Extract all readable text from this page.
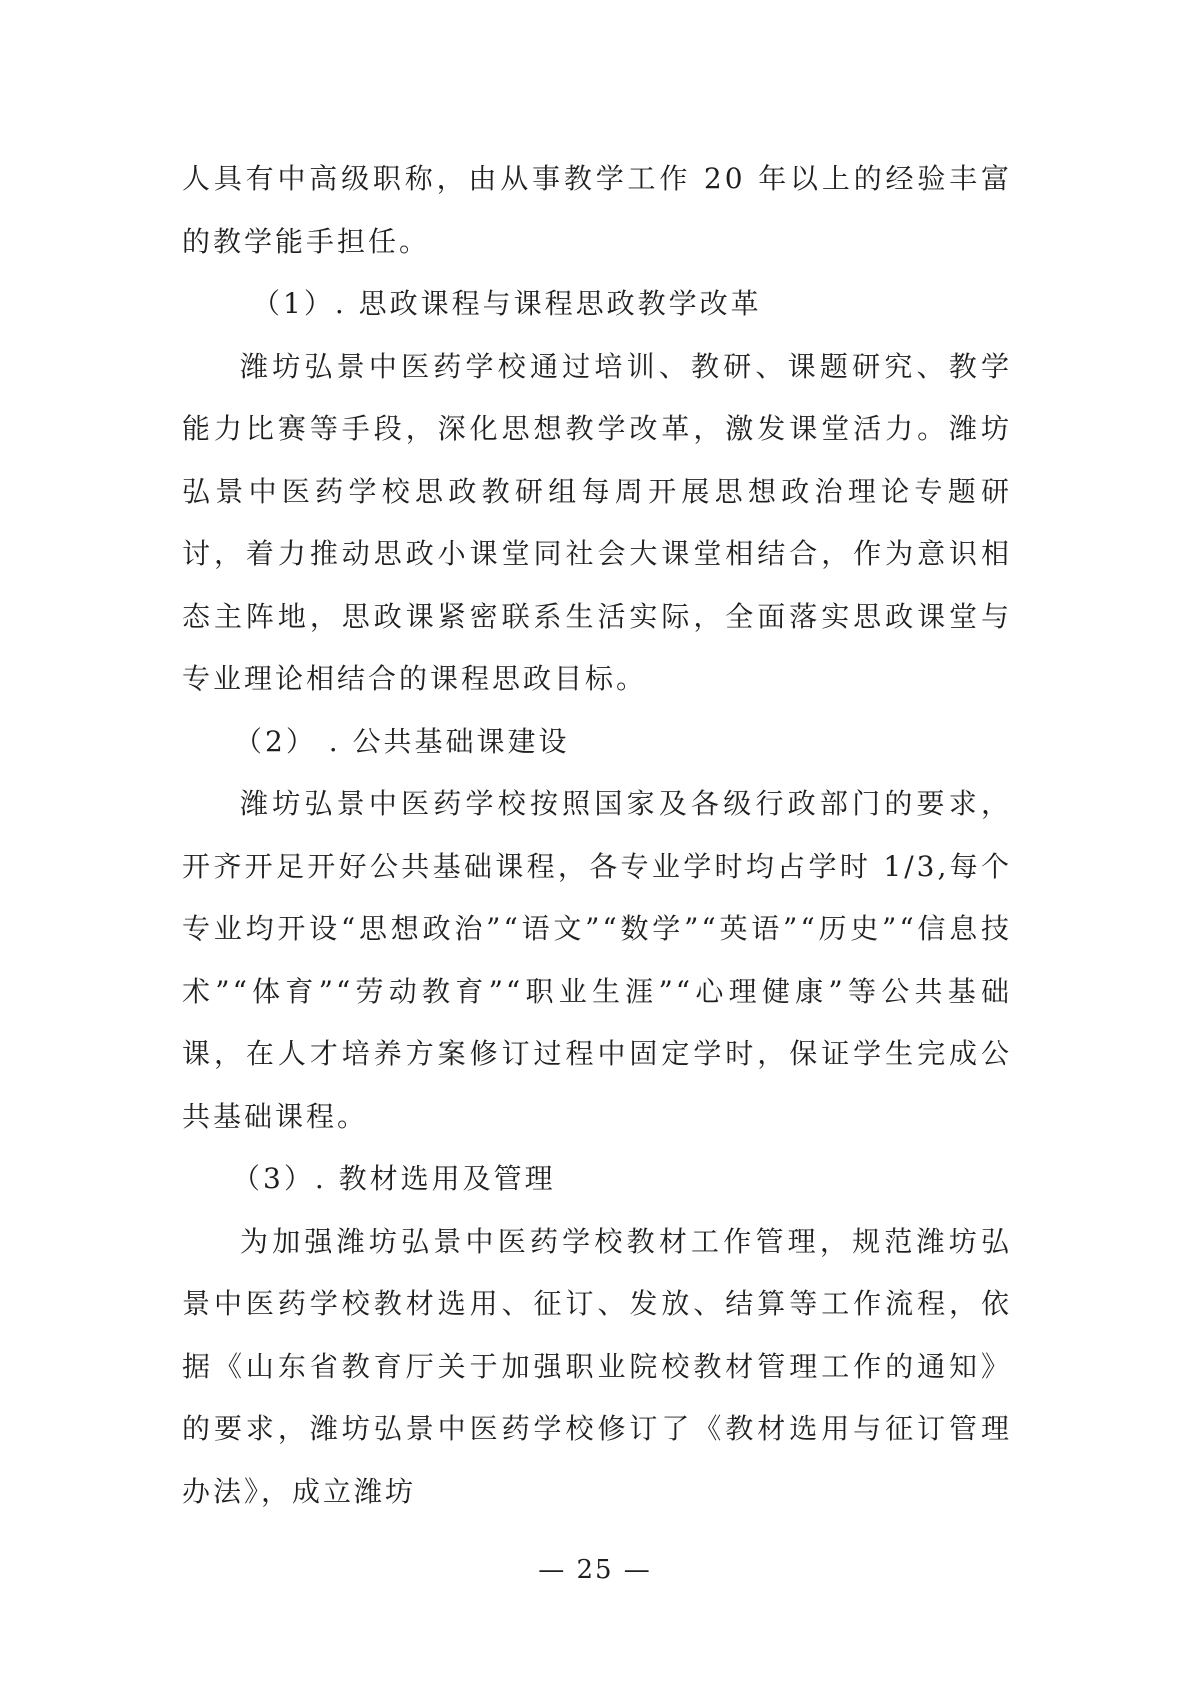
人具有中高级职称，由从事教学工作 20 年以上的经验丰富的教学能手担任。

（1）. 思政课程与课程思政教学改革

潍坊弘景中医药学校通过培训、教研、课题研究、教学能力比赛等手段，深化思想教学改革，激发课堂活力。潍坊弘景中医药学校思政教研组每周开展思想政治理论专题研讨，着力推动思政小课堂同社会大课堂相结合，作为意识相态主阵地，思政课紧密联系生活实际，全面落实思政课堂与专业理论相结合的课程思政目标。

（2） . 公共基础课建设

潍坊弘景中医药学校按照国家及各级行政部门的要求，开齐开足开好公共基础课程，各专业学时均占学时 1/3,每个专业均开设“思想政治”“语文”“数学”“英语”“历史”“信息技术”“体育”“劳动教育”“职业生涯”“心理健康”等公共基础课，在人才培养方案修订过程中固定学时，保证学生完成公共基础课程。

（3）. 教材选用及管理

为加强潍坊弘景中医药学校教材工作管理，规范潍坊弘景中医药学校教材选用、征订、发放、结算等工作流程，依据《山东省教育厅关于加强职业院校教材管理工作的通知》的要求，潍坊弘景中医药学校修订了《教材选用与征订管理办法》，成立潍坊

— 25 —
